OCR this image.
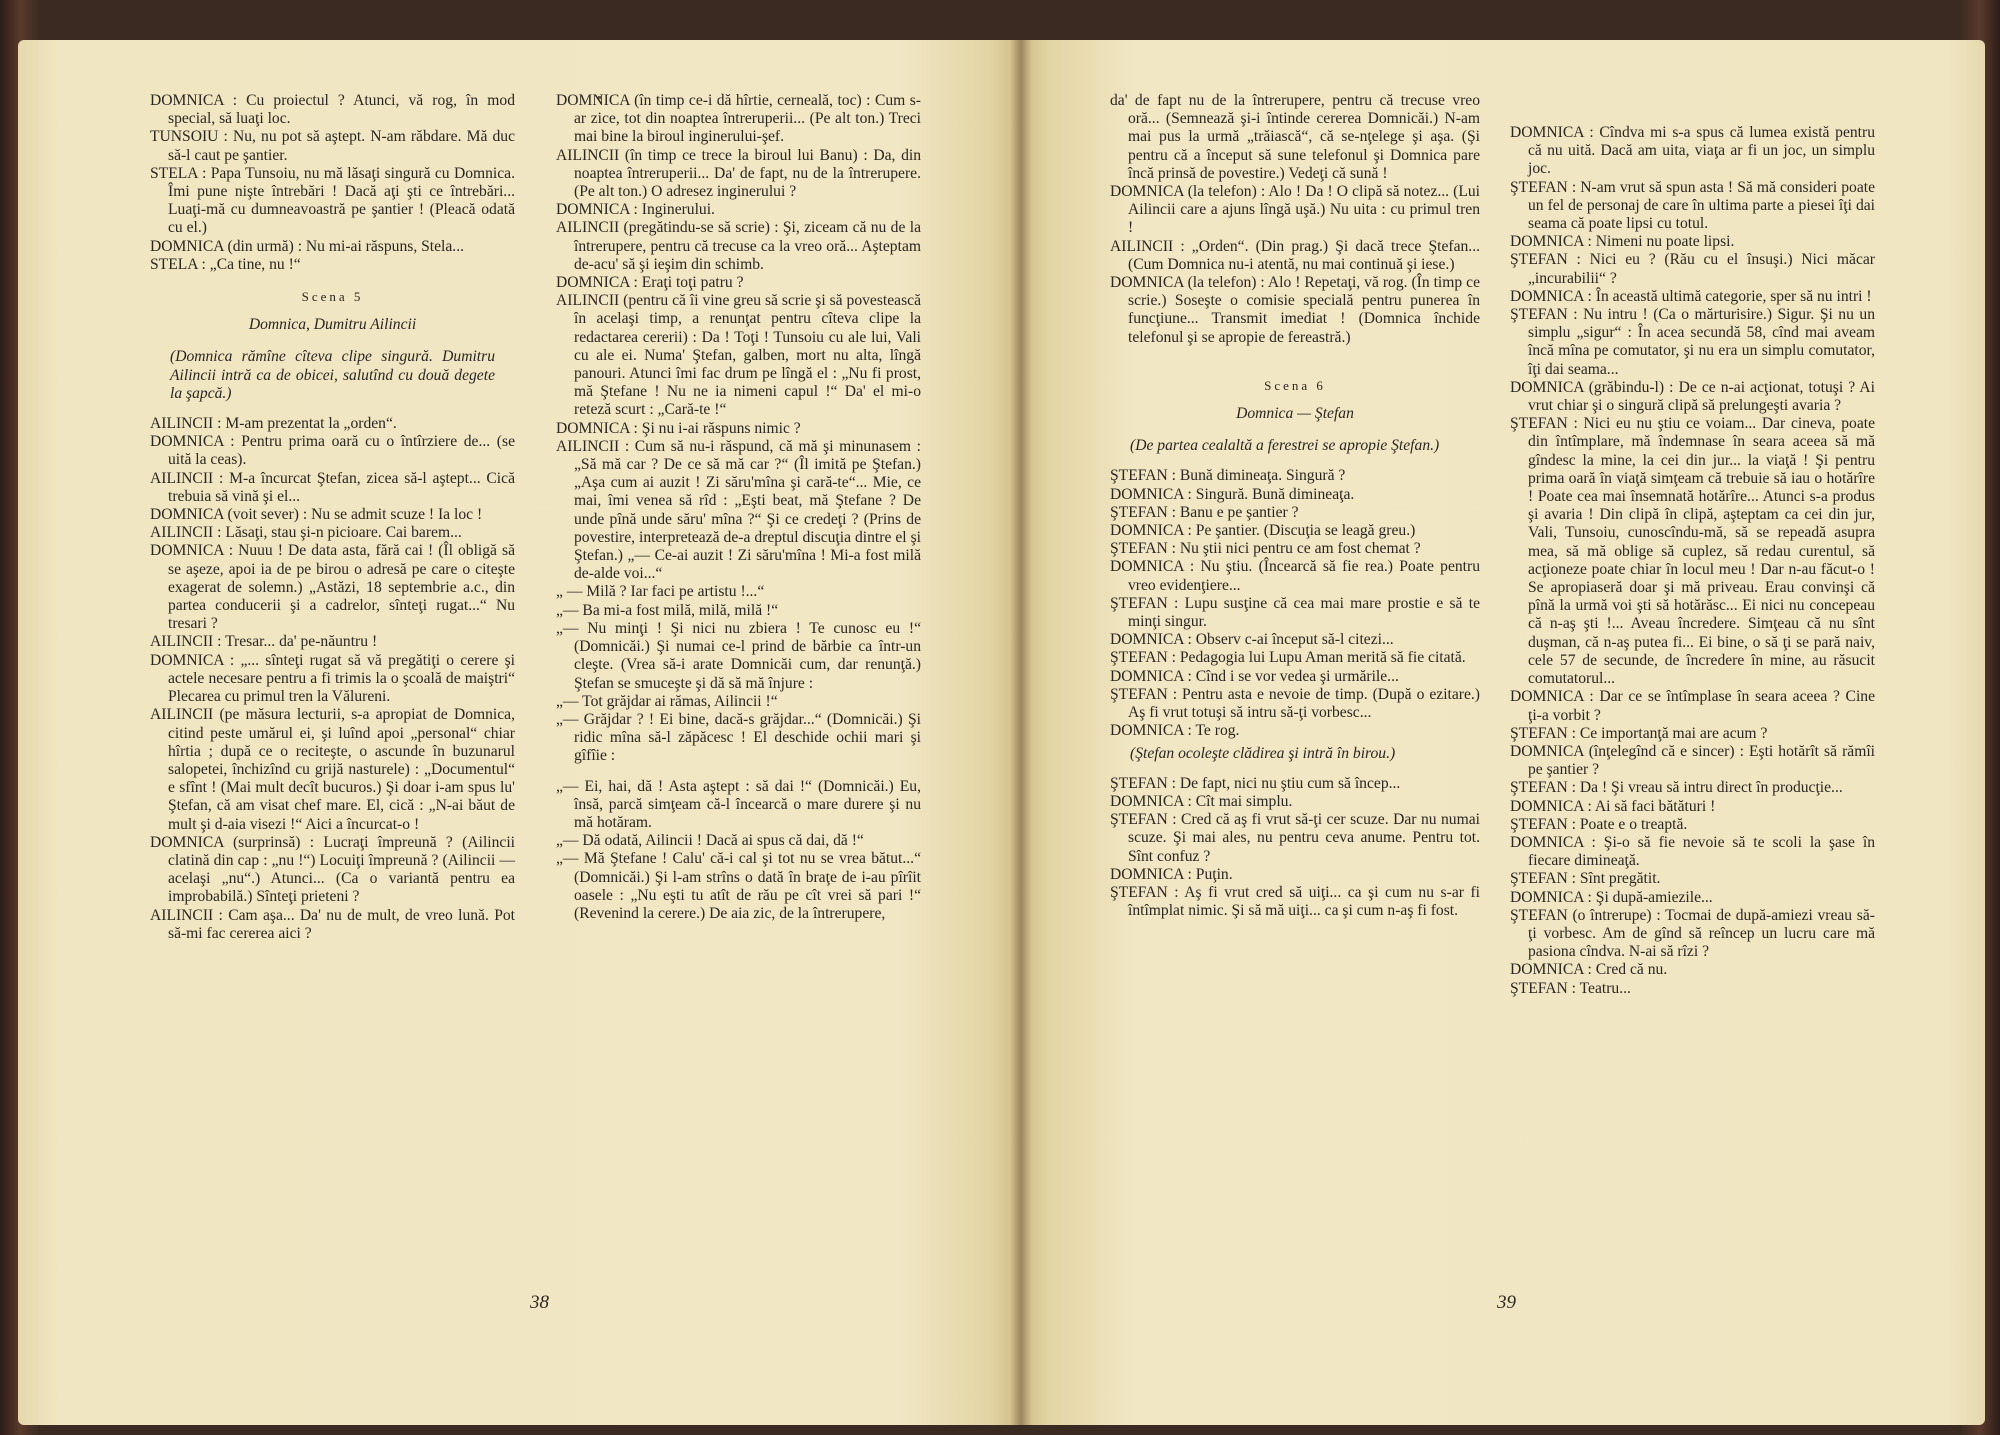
DOMNICA : Cu proiectul ? Atunci, vă rog, în mod special, să luaţi loc.

TUNSOIU : Nu, nu pot să aştept. N-am răbdare. Mă duc să-l caut pe şantier.

STELA : Papa Tunsoiu, nu mă lăsaţi singură cu Domnica. Îmi pune nişte întrebări ! Dacă aţi şti ce întrebări... Luaţi-mă cu dumneavoastră pe şantier ! (Pleacă odată cu el.)

DOMNICA (din urmă) : Nu mi-ai răspuns, Stela...

STELA : „Ca tine, nu !“

Scena 5

Domnica, Dumitru Ailincii

(Domnica rămîne cîteva clipe singură. Dumitru Ailincii intră ca de obicei, salutînd cu două degete la şapcă.)

AILINCII : M-am prezentat la „orden“.

DOMNICA : Pentru prima oară cu o întîrziere de... (se uită la ceas).

AILINCII : M-a încurcat Ştefan, zicea să-l aştept... Cică trebuia să vină şi el...

DOMNICA (voit sever) : Nu se admit scuze ! Ia loc !

AILINCII : Lăsaţi, stau şi-n picioare. Cai barem...

DOMNICA : Nuuu ! De data asta, fără cai ! (Îl obligă să se aşeze, apoi ia de pe birou o adresă pe care o citeşte exagerat de solemn.) „Astăzi, 18 septembrie a.c., din partea conducerii şi a cadrelor, sînteţi rugat...“ Nu tresari ?

AILINCII : Tresar... da' pe-năuntru !

DOMNICA : „... sînteţi rugat să vă pregătiţi o cerere şi actele necesare pentru a fi trimis la o şcoală de maiştri“ Plecarea cu primul tren la Vălureni.

AILINCII (pe măsura lecturii, s-a apropiat de Domnica, citind peste umărul ei, şi luînd apoi „personal“ chiar hîrtia ; după ce o reciteşte, o ascunde în buzunarul salopetei, închizînd cu grijă nasturele) : „Documentul“ e sfînt ! (Mai mult decît bucuros.) Şi doar i-am spus lu' Ştefan, că am visat chef mare. El, cică : „N-ai băut de mult şi d-aia visezi !“ Aici a încurcat-o !

DOMNICA (surprinsă) : Lucraţi împreună ? (Ailincii clatină din cap : „nu !“) Locuiţi împreună ? (Ailincii — acelaşi „nu“.) Atunci... (Ca o variantă pentru ea improbabilă.) Sînteţi prieteni ?

AILINCII : Cam aşa... Da' nu de mult, de vreo lună. Pot să-mi fac cererea aici ?

DOMNICA (în timp ce-i dă hîrtie, cerneală, toc) : Cum s-ar zice, tot din noaptea întreruperii... (Pe alt ton.) Treci mai bine la biroul inginerului-şef.

AILINCII (în timp ce trece la biroul lui Banu) : Da, din noaptea întreruperii... Da' de fapt, nu de la întrerupere. (Pe alt ton.) O adresez inginerului ?

DOMNICA : Inginerului.

AILINCII (pregătindu-se să scrie) : Şi, ziceam că nu de la întrerupere, pentru că trecuse ca la vreo oră... Aşteptam de-acu' să şi ieşim din schimb.

DOMNICA : Eraţi toţi patru ?

AILINCII (pentru că îi vine greu să scrie şi să povestească în acelaşi timp, a renunţat pentru cîteva clipe la redactarea cererii) : Da ! Toţi ! Tunsoiu cu ale lui, Vali cu ale ei. Numa' Ştefan, galben, mort nu alta, lîngă panouri. Atunci îmi fac drum pe lîngă el : „Nu fi prost, mă Ştefane ! Nu ne ia nimeni capul !“ Da' el mi-o reteză scurt : „Cară-te !“

DOMNICA : Şi nu i-ai răspuns nimic ?

AILINCII : Cum să nu-i răspund, că mă şi minunasem : „Să mă car ? De ce să mă car ?“ (Îl imită pe Ştefan.) „Aşa cum ai auzit ! Zi săru'mîna şi cară-te“... Mie, ce mai, îmi venea să rîd : „Eşti beat, mă Ştefane ? De unde pînă unde săru' mîna ?“ Şi ce credeţi ? (Prins de povestire, interpretează de-a dreptul discuţia dintre el şi Ştefan.) „— Ce-ai auzit ! Zi săru'mîna ! Mi-a fost milă de-alde voi...“

„ — Milă ? Iar faci pe artistu !...“

„— Ba mi-a fost milă, milă, milă !“

„— Nu minţi ! Şi nici nu zbiera ! Te cunosc eu !“ (Domnicăi.) Şi numai ce-l prind de bărbie ca într-un cleşte. (Vrea să-i arate Domnicăi cum, dar renunţă.) Ştefan se smuceşte şi dă să mă înjure :

„— Tot grăjdar ai rămas, Ailincii !“

„— Grăjdar ? ! Ei bine, dacă-s grăjdar...“ (Domnicăi.) Şi ridic mîna să-l zăpăcesc ! El deschide ochii mari şi gîfîie :

„— Ei, hai, dă ! Asta aştept : să dai !“ (Domnicăi.) Eu, însă, parcă simţeam că-l încearcă o mare durere şi nu mă hotăram.

„— Dă odată, Ailincii ! Dacă ai spus că dai, dă !“

„— Mă Ştefane ! Calu' că-i cal şi tot nu se vrea bătut...“ (Domnicăi.) Şi l-am strîns o dată în braţe de i-au pîrîit oasele : „Nu eşti tu atît de rău pe cît vrei să pari !“ (Revenind la cerere.) De aia zic, de la întrerupere,

38

da' de fapt nu de la întrerupere, pentru că trecuse vreo oră... (Semnează şi-i întinde cererea Domnicăi.) N-am mai pus la urmă „trăiască“, că se-nţelege şi aşa. (Şi pentru că a început să sune telefonul şi Domnica pare încă prinsă de povestire.) Vedeţi că sună !

DOMNICA (la telefon) : Alo ! Da ! O clipă să notez... (Lui Ailincii care a ajuns lîngă uşă.) Nu uita : cu primul tren !

AILINCII : „Orden“. (Din prag.) Şi dacă trece Ştefan... (Cum Domnica nu-i atentă, nu mai continuă şi iese.)

DOMNICA (la telefon) : Alo ! Repetaţi, vă rog. (În timp ce scrie.) Soseşte o comisie specială pentru punerea în funcţiune... Transmit imediat ! (Domnica închide telefonul şi se apropie de fereastră.)

Scena 6

Domnica — Ştefan

(De partea cealaltă a ferestrei se apropie Ştefan.)

ŞTEFAN : Bună dimineaţa. Singură ?

DOMNICA : Singură. Bună dimineaţa.

ŞTEFAN : Banu e pe şantier ?

DOMNICA : Pe şantier. (Discuţia se leagă greu.)

ŞTEFAN : Nu ştii nici pentru ce am fost chemat ?

DOMNICA : Nu ştiu. (Încearcă să fie rea.) Poate pentru vreo evidenţiere...

ŞTEFAN : Lupu susţine că cea mai mare prostie e să te minţi singur.

DOMNICA : Observ c-ai început să-l citezi...

ŞTEFAN : Pedagogia lui Lupu Aman merită să fie citată.

DOMNICA : Cînd i se vor vedea şi urmările...

ŞTEFAN : Pentru asta e nevoie de timp. (După o ezitare.) Aş fi vrut totuşi să intru să-ţi vorbesc...

DOMNICA : Te rog.

(Ştefan ocoleşte clădirea şi intră în birou.)

ŞTEFAN : De fapt, nici nu ştiu cum să încep...

DOMNICA : Cît mai simplu.

ŞTEFAN : Cred că aş fi vrut să-ţi cer scuze. Dar nu numai scuze. Şi mai ales, nu pentru ceva anume. Pentru tot. Sînt confuz ?

DOMNICA : Puţin.

ŞTEFAN : Aş fi vrut cred să uiţi... ca şi cum nu s-ar fi întîmplat nimic. Şi să mă uiţi... ca şi cum n-aş fi fost.

DOMNICA : Cîndva mi s-a spus că lumea există pentru că nu uită. Dacă am uita, viaţa ar fi un joc, un simplu joc.

ŞTEFAN : N-am vrut să spun asta ! Să mă consideri poate un fel de personaj de care în ultima parte a piesei îţi dai seama că poate lipsi cu totul.

DOMNICA : Nimeni nu poate lipsi.

ŞTEFAN : Nici eu ? (Rău cu el însuşi.) Nici măcar „incurabilii“ ?

DOMNICA : În această ultimă categorie, sper să nu intri !

ŞTEFAN : Nu intru ! (Ca o mărturisire.) Sigur. Şi nu un simplu „sigur“ : În acea secundă 58, cînd mai aveam încă mîna pe comutator, şi nu era un simplu comutator, îţi dai seama...

DOMNICA (grăbindu-l) : De ce n-ai acţionat, totuşi ? Ai vrut chiar şi o singură clipă să prelungeşti avaria ?

ŞTEFAN : Nici eu nu ştiu ce voiam... Dar cineva, poate din întîmplare, mă îndemnase în seara aceea să mă gîndesc la mine, la cei din jur... la viaţă ! Şi pentru prima oară în viaţă simţeam că trebuie să iau o hotărîre ! Poate cea mai însemnată hotărîre... Atunci s-a produs şi avaria ! Din clipă în clipă, aşteptam ca cei din jur, Vali, Tunsoiu, cunoscîndu-mă, să se repeadă asupra mea, să mă oblige să cuplez, să redau curentul, să acţioneze poate chiar în locul meu ! Dar n-au făcut-o ! Se apropiaseră doar şi mă priveau. Erau convinşi că pînă la urmă voi şti să hotărăsc... Ei nici nu concepeau că n-aş şti !... Aveau încredere. Simţeau că nu sînt duşman, că n-aş putea fi... Ei bine, o să ţi se pară naiv, cele 57 de secunde, de încredere în mine, au răsucit comutatorul...

DOMNICA : Dar ce se întîmplase în seara aceea ? Cine ţi-a vorbit ?

ŞTEFAN : Ce importanţă mai are acum ?

DOMNICA (înţelegînd că e sincer) : Eşti hotărît să rămîi pe şantier ?

ŞTEFAN : Da ! Şi vreau să intru direct în producţie...

DOMNICA : Ai să faci bătături !

ŞTEFAN : Poate e o treaptă.

DOMNICA : Şi-o să fie nevoie să te scoli la şase în fiecare dimineaţă.

ŞTEFAN : Sînt pregătit.

DOMNICA : Şi după-amiezile...

ŞTEFAN (o întrerupe) : Tocmai de după-amiezi vreau să-ţi vorbesc. Am de gînd să reîncep un lucru care mă pasiona cîndva. N-ai să rîzi ?

DOMNICA : Cred că nu.

ŞTEFAN : Teatru...

39
